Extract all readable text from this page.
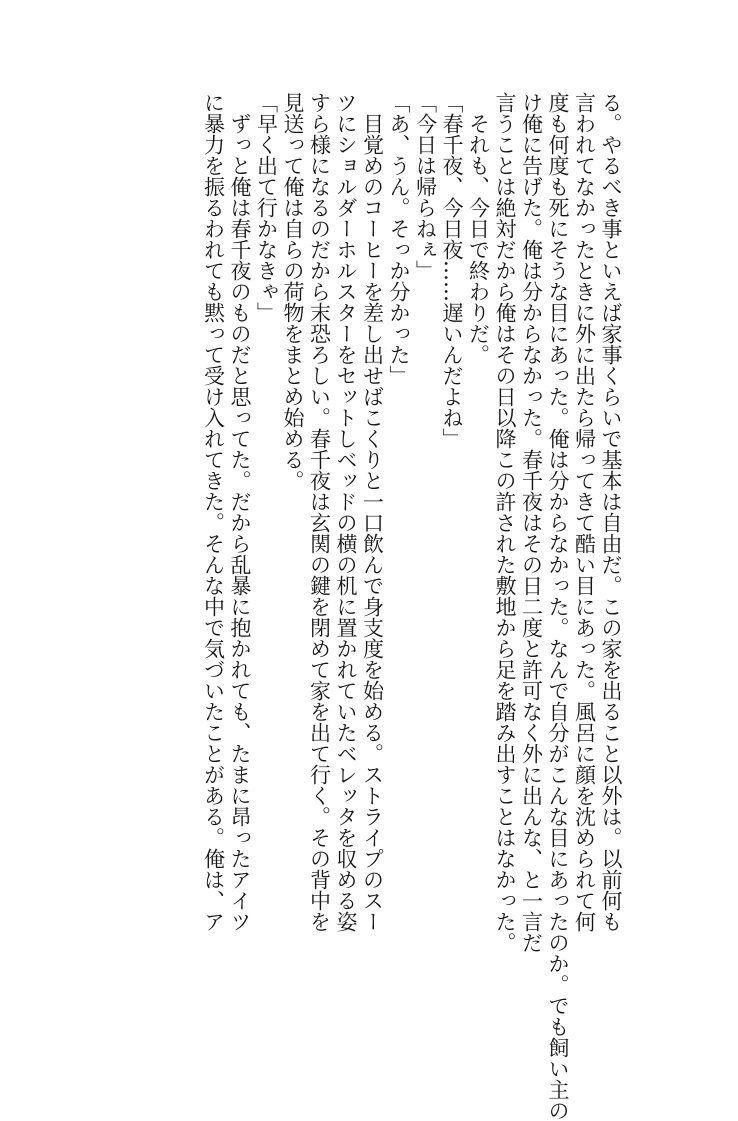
る。やるべき事といえば家事くらいで基本は自由だ。この家を出ること以外は。以前何も

言われてなかったときに外に出たら帰ってきて酷い目にあった。風呂に顔を沈められて何

度も何度も死にそうな目にあった。俺は分からなかった。なんで自分がこんな目にあったのか。でも飼い主の

け俺に告げた。俺は分からなかった。春千夜はその日二度と許可なく外に出んな、と一言だ

言うことは絶対だから俺はその日以降この許された敷地から足を踏み出すことはなかった。

それも、今日で終わりだ。

「春千夜、今日夜……遅いんだよね」

「今日は帰らねぇ」

「あ、うん。そっか分かった」

目覚めのコーヒーを差し出せばこくりと一口飲んで身支度を始める。ストライプのスー

ツにショルダーホルスターをセットしベッドの横の机に置かれていたベレッタを収める姿

すら様になるのだから末恐ろしい。春千夜は玄関の鍵を閉めて家を出て行く。その背中を

見送って俺は自らの荷物をまとめ始める。

「早く出て行かなきゃ」

ずっと俺は春千夜のものだと思ってた。だから乱暴に抱かれても、たまに昂ったアイツ

に暴力を振るわれても黙って受け入れてきた。そんな中で気づいたことがある。俺は、ア
